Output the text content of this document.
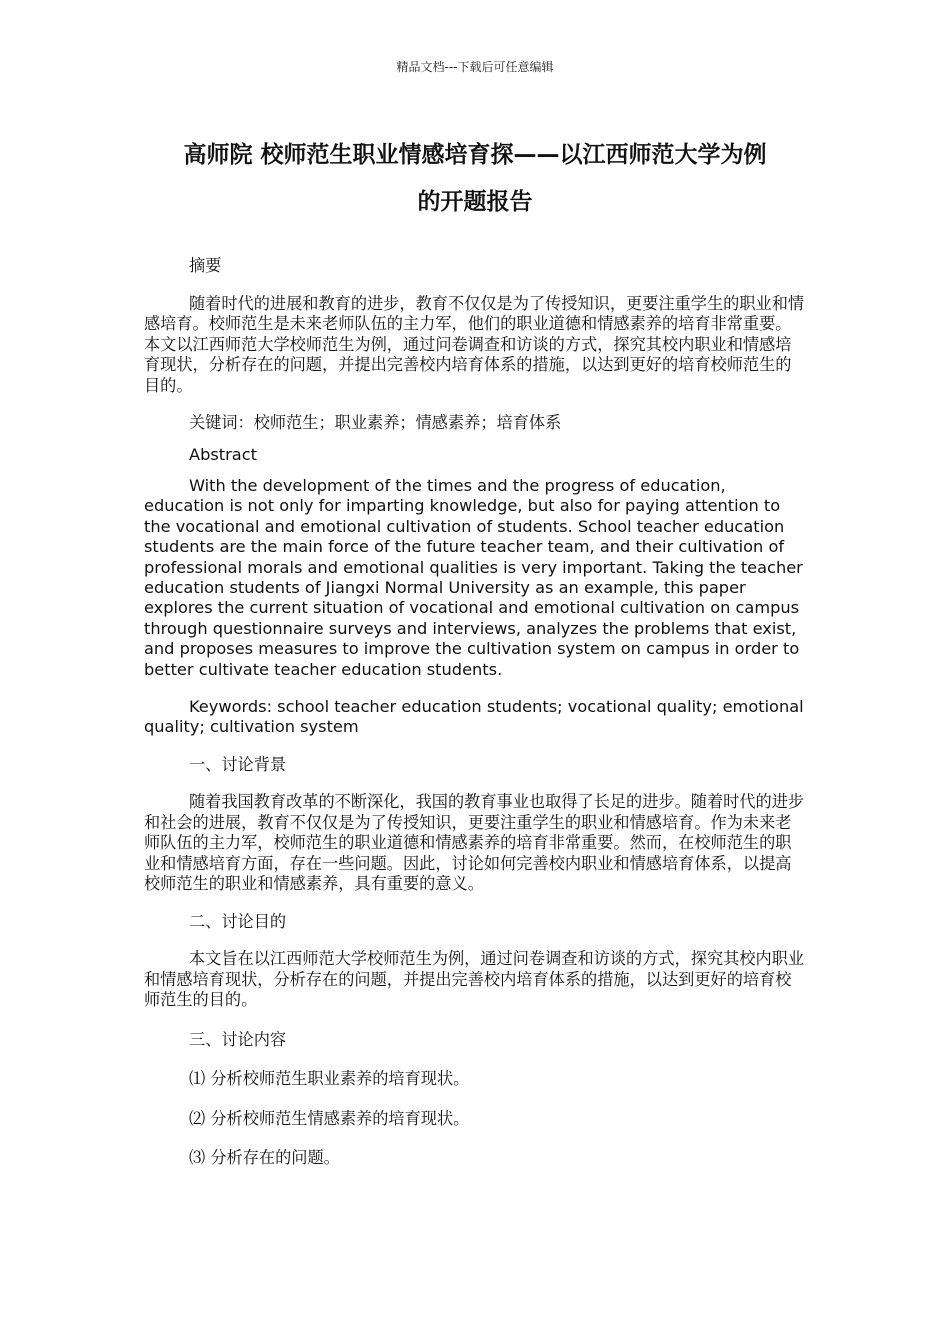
精品文档---下载后可任意编辑
高师院 校师范生职业情感培育探——以江西师范大学为例
的开题报告

摘要

随着时代的进展和教育的进步，教育不仅仅是为了传授知识，更要注重学生的职业和情感培育。校师范生是未来老师队伍的主力军，他们的职业道德和情感素养的培育非常重要。本文以江西师范大学校师范生为例，通过问卷调查和访谈的方式，探究其校内职业和情感培育现状，分析存在的问题，并提出完善校内培育体系的措施，以达到更好的培育校师范生的目的。

关键词：校师范生；职业素养；情感素养；培育体系

Abstract

With the development of the times and the progress of education, education is not only for imparting knowledge, but also for paying attention to the vocational and emotional cultivation of students. School teacher education students are the main force of the future teacher team, and their cultivation of professional morals and emotional qualities is very important. Taking the teacher education students of Jiangxi Normal University as an example, this paper explores the current situation of vocational and emotional cultivation on campus through questionnaire surveys and interviews, analyzes the problems that exist, and proposes measures to improve the cultivation system on campus in order to better cultivate teacher education students.

Keywords: school teacher education students; vocational quality; emotional quality; cultivation system

一、讨论背景

随着我国教育改革的不断深化，我国的教育事业也取得了长足的进步。随着时代的进步和社会的进展，教育不仅仅是为了传授知识，更要注重学生的职业和情感培育。作为未来老师队伍的主力军，校师范生的职业道德和情感素养的培育非常重要。然而，在校师范生的职业和情感培育方面，存在一些问题。因此，讨论如何完善校内职业和情感培育体系，以提高校师范生的职业和情感素养，具有重要的意义。

二、讨论目的

本文旨在以江西师范大学校师范生为例，通过问卷调查和访谈的方式，探究其校内职业和情感培育现状，分析存在的问题，并提出完善校内培育体系的措施，以达到更好的培育校师范生的目的。

三、讨论内容

⑴ 分析校师范生职业素养的培育现状。

⑵ 分析校师范生情感素养的培育现状。

⑶ 分析存在的问题。
